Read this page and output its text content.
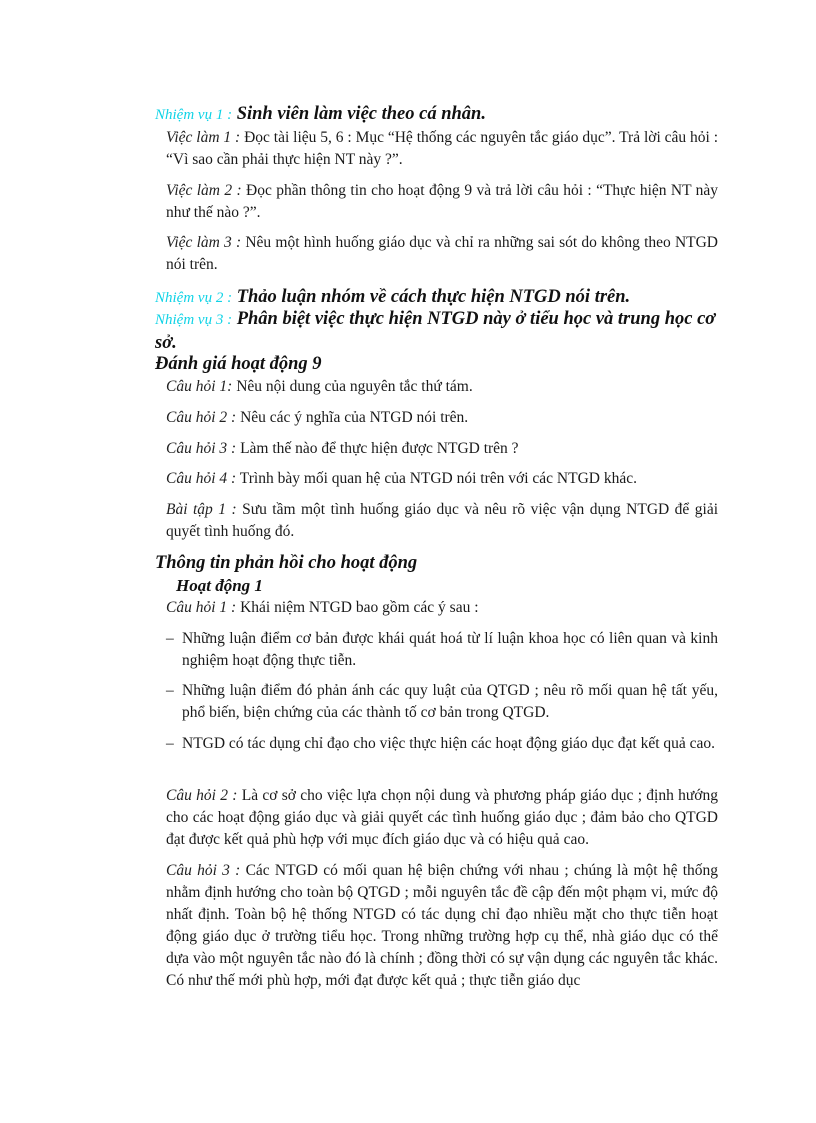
Nhiệm vụ 1 : Sinh viên làm việc theo cá nhân.

Việc làm 1 : Đọc tài liệu 5, 6 : Mục “Hệ thống các nguyên tắc giáo dục”. Trả lời câu hỏi : “Vì sao cần phải thực hiện NT này ?”.

Việc làm 2 : Đọc phần thông tin cho hoạt động 9 và trả lời câu hỏi : “Thực hiện NT này như thế nào ?”.

Việc làm 3 : Nêu một hình huống giáo dục và chỉ ra những sai sót do không theo NTGD nói trên.

Nhiệm vụ 2 : Thảo luận nhóm về cách thực hiện NTGD nói trên.

Nhiệm vụ 3 : Phân biệt việc thực hiện NTGD này ở tiểu học và trung học cơ sở.

Đánh giá hoạt động 9

Câu hỏi 1: Nêu nội dung của nguyên tắc thứ tám.

Câu hỏi 2 : Nêu các ý nghĩa của NTGD nói trên.

Câu hỏi 3 : Làm thế nào để thực hiện được NTGD trên ?

Câu hỏi 4 : Trình bày mối quan hệ của NTGD nói trên với các NTGD khác.

Bài tập 1 : Sưu tầm một tình huống giáo dục và nêu rõ việc vận dụng NTGD để giải quyết tình huống đó.

Thông tin phản hồi cho hoạt động

Hoạt động 1

Câu hỏi 1 : Khái niệm NTGD bao gồm các ý sau :

– Những luận điểm cơ bản được khái quát hoá từ lí luận khoa học có liên quan và kinh nghiệm hoạt động thực tiễn.
– Những luận điểm đó phản ánh các quy luật của QTGD ; nêu rõ mối quan hệ tất yếu, phổ biến, biện chứng của các thành tố cơ bản trong QTGD.
– NTGD có tác dụng chỉ đạo cho việc thực hiện các hoạt động giáo dục đạt kết quả cao.

Câu hỏi 2 : Là cơ sở cho việc lựa chọn nội dung và phương pháp giáo dục ; định hướng cho các hoạt động giáo dục và giải quyết các tình huống giáo dục ; đảm bảo cho QTGD đạt được kết quả phù hợp với mục đích giáo dục và có hiệu quả cao.

Câu hỏi 3 : Các NTGD có mối quan hệ biện chứng với nhau ; chúng là một hệ thống nhằm định hướng cho toàn bộ QTGD ; mỗi nguyên tắc đề cập đến một phạm vi, mức độ nhất định. Toàn bộ hệ thống NTGD có tác dụng chỉ đạo nhiều mặt cho thực tiễn hoạt động giáo dục ở trường tiểu học. Trong những trường hợp cụ thể, nhà giáo dục có thể dựa vào một nguyên tắc nào đó là chính ; đồng thời có sự vận dụng các nguyên tắc khác. Có như thế mới phù hợp, mới đạt được kết quả ; thực tiễn giáo dục
